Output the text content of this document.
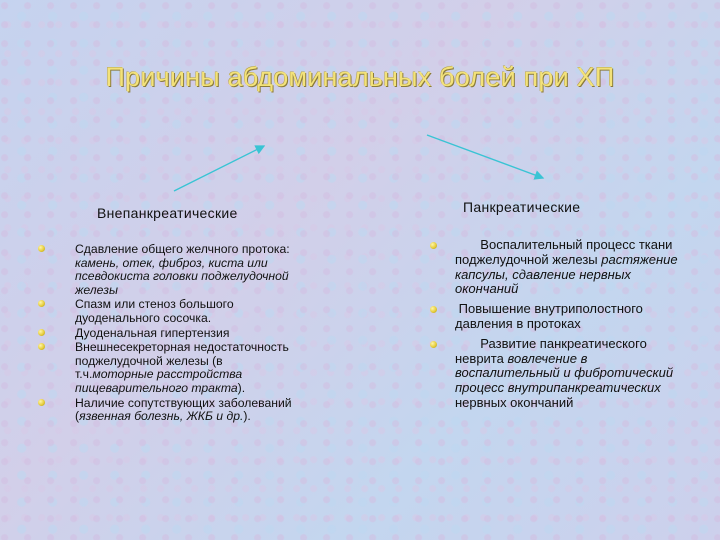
Причины абдоминальных болей при ХП
Внепанкреатические	Панкреатические
Сдавление общего желчного протока: камень, отек, фиброз, киста или псевдокиста головки поджелудочной железы
Спазм или стеноз большого дуоденального сосочка.
Дуоденальная гипертензия
Внешнесекреторная недостаточность поджелудочной железы (в т.ч.моторные расстройства пищеварительного тракта).
Наличие сопутствующих заболеваний (язвенная болезнь, ЖКБ и др.).
Воспалительный процесс ткани поджелудочной железы растяжение капсулы, сдавление нервных окончаний
Повышение внутриполостного давления в протоках
Развитие панкреатического неврита вовлечение в воспалительный и фибротический процесс внутрипанкреатических нервных окончаний
